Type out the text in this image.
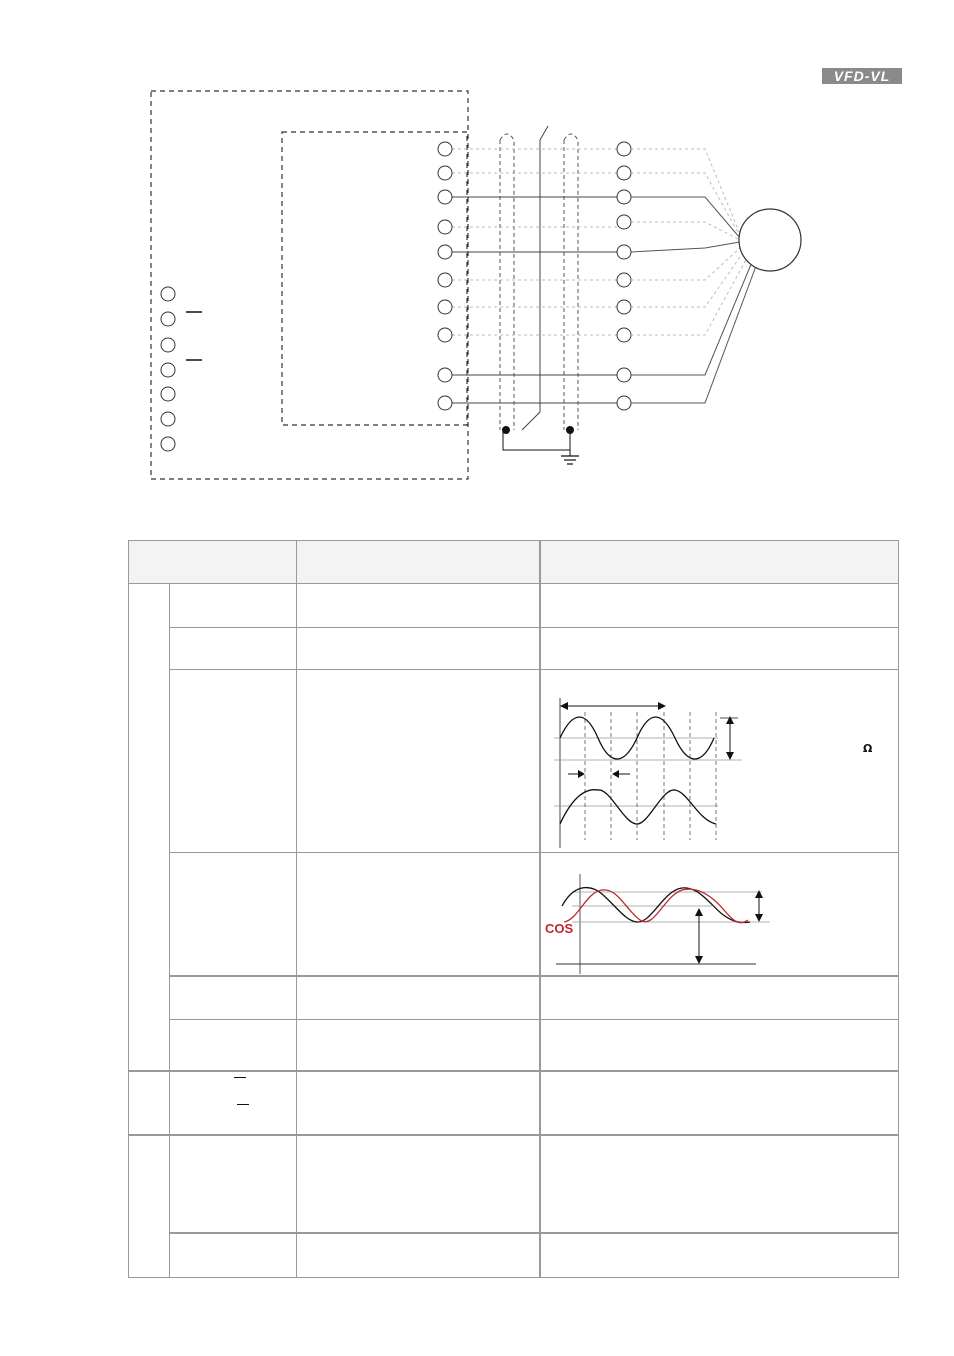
VFD-VL
Ω
COS
